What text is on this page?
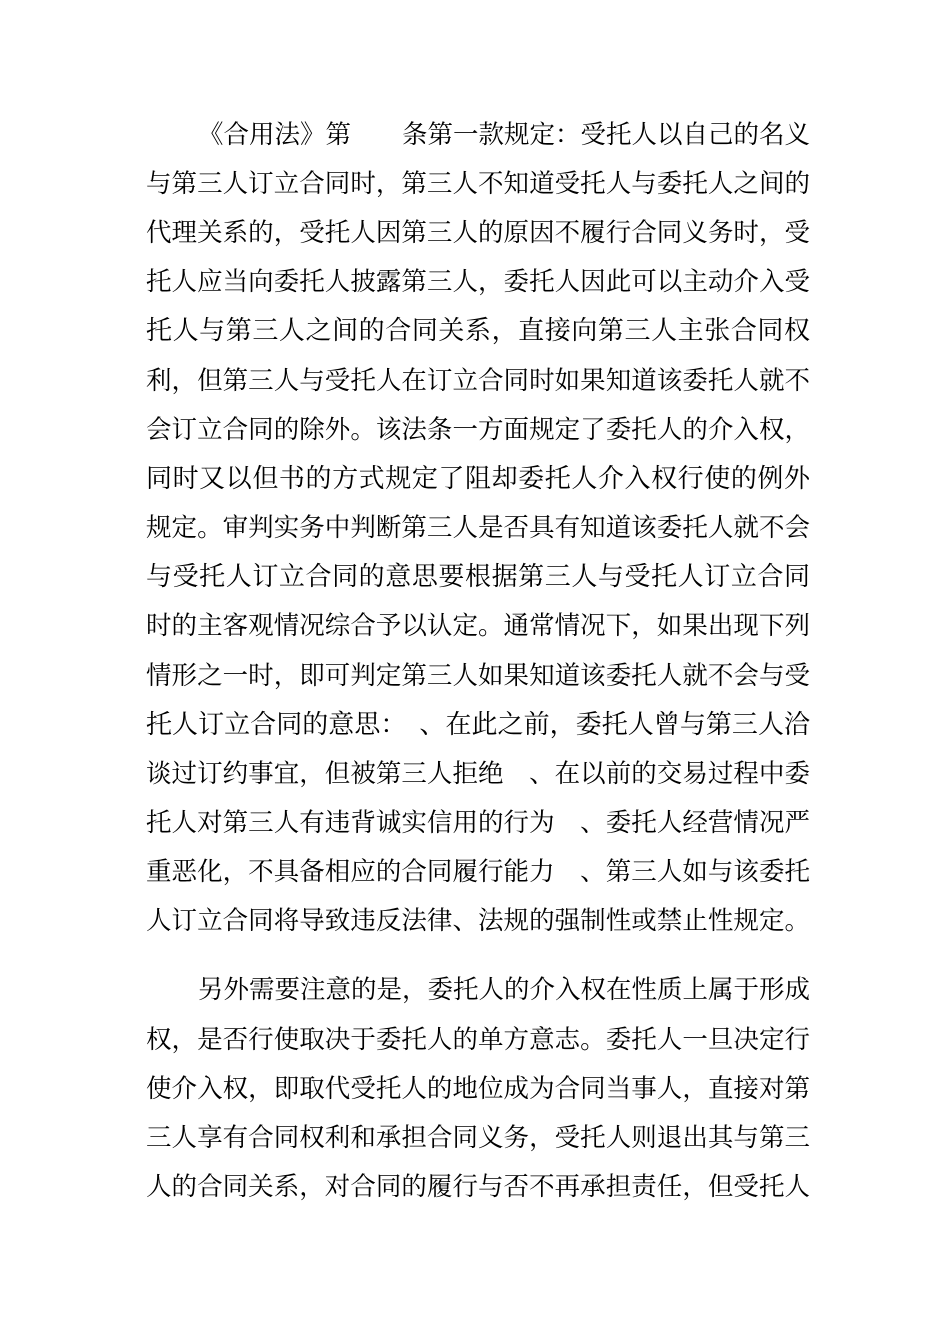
《合用法》第　　条第一款规定：受托人以自己的名义

与第三人订立合同时，第三人不知道受托人与委托人之间的

代理关系的，受托人因第三人的原因不履行合同义务时，受

托人应当向委托人披露第三人，委托人因此可以主动介入受

托人与第三人之间的合同关系，直接向第三人主张合同权

利，但第三人与受托人在订立合同时如果知道该委托人就不

会订立合同的除外。该法条一方面规定了委托人的介入权，

同时又以但书的方式规定了阻却委托人介入权行使的例外

规定。审判实务中判断第三人是否具有知道该委托人就不会

与受托人订立合同的意思要根据第三人与受托人订立合同

时的主客观情况综合予以认定。通常情况下，如果出现下列

情形之一时，即可判定第三人如果知道该委托人就不会与受

托人订立合同的意思：　、在此之前，委托人曾与第三人洽

谈过订约事宜，但被第三人拒绝　、在以前的交易过程中委

托人对第三人有违背诚实信用的行为　、委托人经营情况严

重恶化，不具备相应的合同履行能力　、第三人如与该委托

人订立合同将导致违反法律、法规的强制性或禁止性规定。

另外需要注意的是，委托人的介入权在性质上属于形成

权，是否行使取决于委托人的单方意志。委托人一旦决定行

使介入权，即取代受托人的地位成为合同当事人，直接对第

三人享有合同权利和承担合同义务，受托人则退出其与第三

人的合同关系，对合同的履行与否不再承担责任，但受托人
